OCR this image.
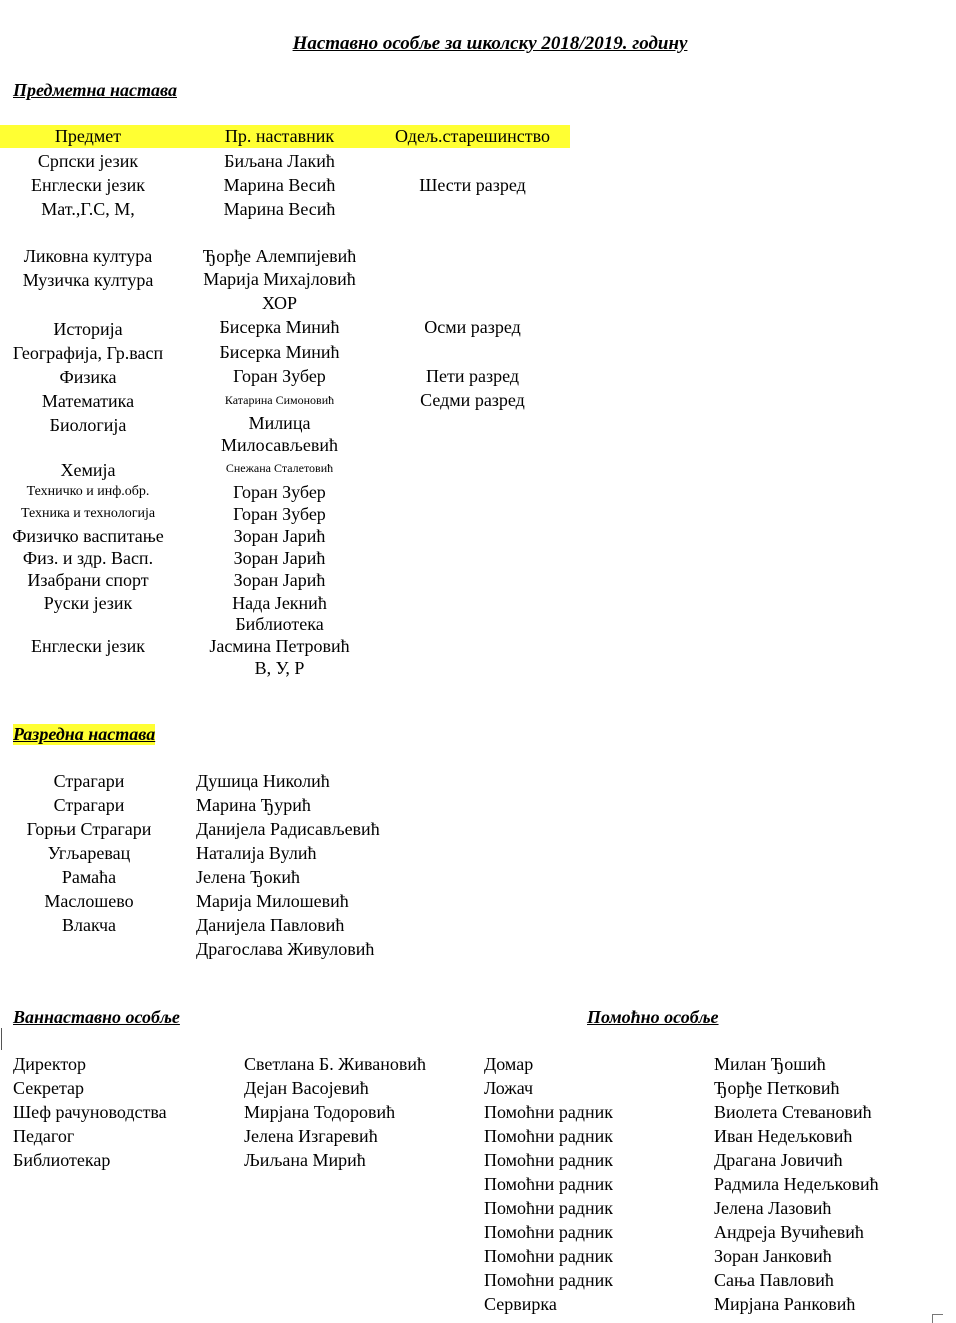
Наставно особље за школску 2018/2019. годину
Предметна настава
Предмет	Пр. наставник	Одељ.старешинство
Српски језик
Енглески језик
Мат.,Г.С, М,
Ликовна култура
Музичка култура
Историја
Географија, Гр.васп
Физика
Математика
Биологија
Хемија
Техничко и инф.обр.
Техника и технологија
Физичко васпитање
Физ. и здр. Васп.
Изабрани спорт
Руски језик
Енглески језик
Биљана Лакић
Марина Весић
Марина Весић
Ђорђе Алемпијевић
Марија Михајловић
ХОР
Бисерка Минић
Бисерка Минић
Горан Зубер
Катарина Симоновић
Милица
Милосављевић
Снежана Сталетовић
Горан Зубер
Горан Зубер
Зоран Јарић
Зоран Јарић
Зоран Јарић
Нада Јекнић
Библиотека
Јасмина Петровић
В, У, Р
Шести разред
Осми разред
Пети разред
Седми разред
Разредна настава
Страгари
Страгари
Горњи Страгари
Угљаревац
Рамаћа
Маслошево
Влакча
Душица Николић
Марина Ђурић
Данијела Радисављевић
Наталија Вулић
Јелена Ђокић
Марија Милошевић
Данијела Павловић
Драгослава Живуловић
Ваннаставно особље
Директор
Секретар
Шеф рачуноводства
Педагог
Библиотекар
Светлана Б. Живановић
Дејан Васојевић
Мирјана Тодоровић
Јелена Изгаревић
Љиљана Мирић
Помоћно особље
Домар
Ложач
Помоћни радник
Помоћни радник
Помоћни радник
Помоћни радник
Помоћни радник
Помоћни радник
Помоћни радник
Помоћни радник
Сервирка
Милан Ђошић
Ђорђе Петковић
Виолета Стевановић
Иван Недељковић
Драгана Јовичић
Радмила Недељковић
Јелена Лазовић
Андреја Вучићевић
Зоран Јанковић
Сања Павловић
Мирјана Ранковић
